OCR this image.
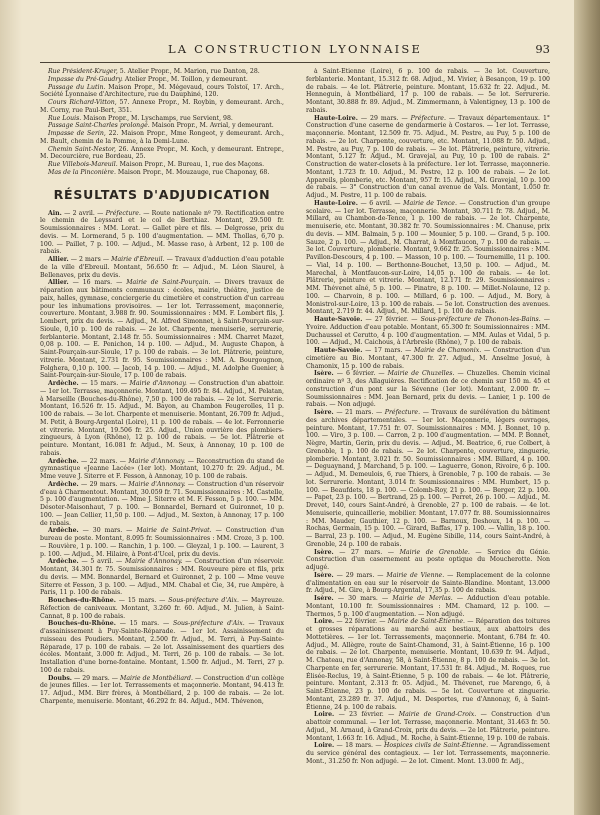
LA CONSTRUCTION LYONNAISE	93

Rue Président-Kruger, 5. Atelier Propr., M. Marion, rue Danton, 28.

Impasse du Pré-Gaudry. Atelier Propr., M. Toillon, y demeurant.

Passage du Lutin. Maison Propr., M. Mégevaud, cours Tolstoï, 17. Arch., Société Lyonnaise d'Architecture, rue du Dauphiné, 120.

Cours Richard-Vitton, 57. Annexe Propr., M. Roybin, y demeurant. Arch., M. Corny, rue Paul-Bert, 351.

Rue Louis. Maison Propr., M. Lyschamps, rue Servient, 98.

Passage Saint-Charles prolongé. Maison Propr., M. Avrial, y demeurant.

Impasse de Serin, 22. Maison Propr., Mme Rongeot, y demeurant. Arch., M. Bault, chemin de la Pomme, à la Demi-Lune.

Chemin Saint-Nestor, 26. Annexe Propr., M. Koch, y demeurant. Entrepr., M. Decourcière, rue Bordeau, 25.

Rue Villebois-Mareuil. Maison Propr., M. Bureau, 1, rue des Maçons.

Mas de la Pinconière. Maison Propr., M. Mouzauge, rue Chaponay, 68.

RÉSULTATS D'ADJUDICATION

Ain. — 2 avril. — Préfecture. — Route nationale nº 79. Rectification entre le chemin de Leyssard et le col de Berthiaz. Montant, 29.500 fr. Soumissionnaires : MM. Lorat. — Gallet père et fils. — Delgrosse, prix du devis. — M. Lormerand, 5 p. 100 d'augmentation. — MM. Thollas, 6,70 p. 100. — Paillet, 7 p. 100. — Adjud., M. Masse raso, à Arbent, 12 p. 100 de rabais.

Allier. — 2 mars — Mairie d'Ebreuil. — Travaux d'adduction d'eau potable de la ville d'Ebreuil. Montant, 56.650 fr. — Adjud., M. Léon Siaurel, à Bellenaves, prix du devis.

Allier. — 16 mars. — Mairie de Saint-Pourçain. — Divers travaux de réparation aux bâtiments communaux : écoles, mairie, théâtre, justice de paix, halles, gymnase, conciergerie du cimetière et construction d'un carreau pour les inhumations provisoires. — 1er lot. Terrassement, maçonnerie, couverture. Montant, 3.988 fr. 90. Soumissionnaires : MM. F. Lombert fils, J. Lombert, prix du devis. — Adjud., M. Alfred Simonnet, à Saint-Pourçain-sur-Sioule, 0,10 p. 100 de rabais. — 2e lot. Charpente, menuiserie, serrurerie, ferblanterie. Montant, 2.148 fr. 55. Soumissionnaires : MM. Charret Mazet, 0,08 p. 100. — E. Penichon, 14 p. 100. — Adjud., M. Auguste Chapon, à Saint-Pourçain-sur-Sioule, 17 p. 100 de rabais. — 3e lot. Plâtrerie, peinture, vitrerie. Montant, 2.731 fr. 95. Soumissionnaires : MM. A. Bourgougnon, Folghera, 0,10 p. 100. — Jacob, 14 p. 100. — Adjud., M. Adolphe Guenier, à Saint-Pourçain-sur-Sioule, 17 p. 100 de rabais.

Ardèche. — 15 mars. — Mairie d'Annonay. — Construction d'un abattoir. — 1er lot. Terrasse, maçonnerie. Montant, 109.495 fr. 84. Adjud., M. Pelatan, à Marseille (Bouches-du-Rhône), 7,50 p. 100 de rabais. — 2e lot. Serrurerie. Montant, 16.526 fr. 15. Adjud., M. Bayon, au Chambon Feugerolles, 11 p. 100 de rabais. — 3e lot. Charpente et menuiserie. Montant, 26.709 fr. Adjud., M. Petit, à Bourg-Argental (Loire), 11 p. 100 de rabais. — 4e lot. Ferronnerie et vitrerie. Montant, 19.506 fr. 25. Adjud., Union ouvrière des plombiers-zingueurs, à Lyon (Rhône), 12 p. 100 de rabais. — 5e lot. Plâtrerie et peinture. Montant, 16.081 fr. Adjud., M. Seux, à Annonay, 10 p. 100 de rabais.

Ardèche. — 22 mars. — Mairie d'Annonay. — Reconstruction du stand de gymnastique «Jeanne Lacée» (1er lot). Montant, 10.270 fr. 29. Adjud., M. Mme veuve J. Siterre et F. Fesson, à Annonay, 10 p. 100 de rabais.

Ardèche. — 29 mars. — Mairie d'Annonay. — Construction d'un réservoir d'eau à Charmentout. Montant, 30.059 fr. 71. Soumissionnaires : M. Castelle, 5 p. 100 d'augmentation. — Mme J. Siterre et M. F. Fesson, 5 p. 100. — MM. Désoter-Maisonhaut, 7 p. 100. — Bonnardel, Bernard et Guironnet, 10 p. 100. — Jean Cellier, 11,50 p. 100. — Adjud., M. Sexton, à Annonay, 17 p. 100 de rabais.

Ardèche. — 30 mars. — Mairie de Saint-Privat. — Construction d'un bureau de poste. Montant, 8.095 fr. Soumissionnaires : MM. Croze, 3 p. 100. — Rouvière, 1 p. 100. — Ranchin, 1 p. 100. — Gleyzal, 1 p. 100. — Laurent, 3 p. 100. — Adjud., M. Hilaire, à Pont-d'Ucel, prix du devis.

Ardèche. — 5 avril. — Mairie d'Annonay. — Construction d'un réservoir. Montant, 34.301 fr. 75. Soumissionnaires : MM. Rouveure père et fils, prix du devis. — MM. Bonnardel, Bernard et Guironnet, 2 p. 100 — Mme veuve Siterre et Fesson, 3 p. 100. — Adjud., MM. Chabal et Cie, 34, rue Ampère, à Paris, 11 p. 100 de rabais.

Bouches-du-Rhône. — 15 mars. — Sous-préfecture d'Aix. — Mayreuze. Réfection de caniveaux. Montant, 3.260 fr. 60. Adjud., M. Julien, à Saint-Cannat, 8 p. 100 de rabais.

Bouches-du-Rhône. — 15 mars. — Sous-préfecture d'Aix. — Travaux d'assainissement à Puy-Sainte-Réparade. — 1er lot. Assainissement du ruisseau des Poudiers. Montant, 2.500 fr. Adjud., M. Terri, à Puy-Sainte-Réparade, 17 p. 100 de rabais. — 2e lot. Assainissement des quartiers des écoles. Montant, 3.000 fr. Adjud., M. Terri, 26 p. 100 de rabais. — 3e lot. Installation d'une borne-fontaine. Montant, 1.500 fr. Adjud., M. Terri, 27 p. 100 de rabais.

Doubs. — 29 mars. — Mairie de Montbéliard. — Construction d'un collège de jeunes filles. — 1er lot. Terrassements et maçonnerie. Montant, 94.413 fr. 17. Adjud., MM. Birr frères, à Montbéliard, 2 p. 100 de rabais. — 2e lot. Charpente, menuiserie. Montant, 46.292 fr. 84. Adjud., MM. Thévenon,

à Saint-Étienne (Loire), 6 p. 100 de rabais. — 3e lot. Couverture, ferblanterie. Montant, 15.312 fr. 68. Adjud., M. Vivier, à Besançon, 19 p. 100 de rabais. — 4e lot. Plâtrerie, peinture. Montant, 15.632 fr. 22. Adjud., M. Henneguin, à Montbéliard, 17 p. 100 de rabais. — 5e lot. Serrurerie. Montant, 30.888 fr. 89. Adjud., M. Zimmermann, à Valentigney, 13 p. 100 de rabais.

Haute-Loire. — 29 mars. — Préfecture. — Travaux départementaux. 1° Construction d'une caserne de gendarmerie à Costaros. — 1er lot. Terrasse, maçonnerie. Montant, 12.509 fr. 75. Adjud., M. Pestre, au Puy, 5 p. 100 de rabais. — 2e lot. Charpente, couverture, etc. Montant, 11.088 fr. 50. Adjud., M. Pestre, au Puy, 7 p. 100 de rabais. — 3e lot. Plâtrerie, peinture, vitrerie. Montant, 5.127 fr. Adjud., M. Gravejal, au Puy, 10 p. 100 de rabais. 2° Construction de water-closets à la préfecture. 1er lot. Terrasse, maçonnerie. Montant, 1.723 fr. 10. Adjud., M. Pestre, 12 p. 100 de rabais. — 2e lot. Appareils, plomberie, etc. Montant, 957 fr. 15. Adjud., M. Gravejal, 10 p. 100 de rabais. — 3° Construction d'un canal avenue de Vals. Montant, 1.050 fr. Adjud., M. Pestre, 11 p. 100 de rabais.

Haute-Loire. — 6 avril. — Mairie de Tence. — Construction d'un groupe scolaire. — 1er lot. Terrasse, maçonnerie. Montant, 30.711 fr. 78. Adjud., M. Millard, au Chambon-de-Tence, 1 p. 100 de rabais. — 2e lot. Charpente, menuiserie, etc. Montant, 30.382 fr. 70. Soumissionnaires : M. Chanuse, prix du devis. — MM. Balmain, 5 p. 100 — Mounier, 5 p. 100. — Grand, 5 p. 100. Sauze, 2 p. 100. — Adjud., M. Charrat, à Montfaucon, 7 p. 100 de rabais. — 3e lot. Couverture, plomberie. Montant, 9.662 fr. 25. Soumissionnaires : MM. Pavillon-Descours, 4 p. 100. — Masson, 10 p. 100. — Tournemille, 11 p. 100. — Vial, 14 p. 100. — Berthonne-Bouchet, 13,50 p. 100. — Adjud., M. Marechal, à Montfaucon-sur-Loire, 14,05 p. 100 de rabais. — 4e lot. Plâtrerie, peinture et vitrerie. Montant, 12.171 fr. 29. Soumissionnaires : MM. Thévenet aîné, 5 p. 100. — Pinatre, 8 p. 100. — Millet-Nolaune, 12 p. 100. — Charvoin, 8 p. 100. — Millard, 6 p. 100. — Adjud., M. Bory, à Monistrol-sur-Loire, 13 p. 100 de rabais. — 5e lot. Construction des avenues. Montant, 2.719 fr. 44. Adjud., M. Millard, 1 p. 100 de rabais.

Haute-Savoie. — 27 février. — Sous-préfecture de Thonon-les-Bains. — Yvoire. Adduction d'eau potable. Montant, 65.300 fr. Soumissionnaires : MM. Duchaussel et Cerutto, 4 p. 100 d'augmentation. — MM. Aulas et Vidal, 5 p. 100. — Adjud., M. Caichous, à l'Arbresle (Rhône), 7 p. 100 de rabais.

Haute-Savoie. — 17 mars. — Mairie de Chamonix. — Construction d'un cimetière au Bio. Montant, 47.300 fr. 27. Adjud., M. Anselme Josué, à Chamonix, 15 p. 100 de rabais.

Isère. — 6 février. — Mairie de Chuzelles. — Chuzelles. Chemin vicinal ordinaire nº 3, des Allaguières. Rectification de ce chemin sur 150 m. 45 et construction d'un pont sur la Sévenne (1er lot). Montant, 2.000 fr. — Soumissionnaires : MM. Jean Bernard, prix du devis. — Lanier, 1 p. 100 de rabais. — Non adjugé.

Isère. — 21 mars. — Préfecture. — Travaux de surélévation du bâtiment des archives départementales. — 1er lot. Maçonnerie, légers ouvrages, peinture. Montant, 17.751 fr. 07. Soumissionnaires : MM. J. Bonnet, 10 p. 100. — Viro, 3 p. 100. — Carron, 2 p. 100 d'augmentation. — MM. P. Bonnet, Nègre, Martin, Gerin, prix du devis. — Adjud., M. Beatrice, 6, rue Colbert, à Grenoble, 1 p. 100 de rabais. — 2e lot. Charpente, couverture, zinguerie, plomberie. Montant, 3.021 fr. 50. Soumissionnaires : MM. Billard, 4 p. 100. — Deguaynand, J. Marchand, 5 p. 100. — Laguerre, Gonon, Rivoire, 6 p. 100. — Adjud., M. Demeulois, 6, rue Thiers, à Grenoble, 7 p. 100 de rabais. — 3e lot. Serrurerie. Montant, 3.014 fr. Soumissionnaires : MM. Humbert, 15 p. 100. — Beaufdets, 18 p. 100. — Colomb-Roy, 21 p. 100. — Berger, 22 p. 100. — Papet, 23 p. 100. — Bertrand, 25 p. 100. — Perret, 26 p. 100. — Adjud., M. Drevet, 140, cours Saint-André, à Grenoble, 27 p. 100 de rabais. — 4e lot. Menuiserie, quincaillerie, mobilier. Montant, 17.077 fr. 88. Soumissionnaires : MM. Mauder, Gauthier, 12 p. 100. — Barnoux, Deshoux, 14 p. 100. — Rochas, Germain, 15 p. 100. — Girard, Baffas, 17 p. 100. — Vallin, 18 p. 100. — Barral, 23 p. 100. — Adjud., M. Eugène Sibille, 114, cours Saint-André, à Grenoble, 24 p. 100 de rabais.

Isère. — 27 mars. — Mairie de Grenoble. — Service du Génie. Construction d'un casernement au poste optique du Moucherotte. Non adjugé.

Isère. — 29 mars. — Mairie de Vienne. — Remplacement de la colonne d'alimentation en eau sur le réservoir de Sainte-Blandine. Montant, 13.000 fr. Adjud., M. Gire, à Bourg-Argental, 17,35 p. 100 de rabais.

Isère. — 30 mars. — Mairie de Merlas. — Adduction d'eau potable. Montant, 10.100 fr. Soumissionnaires : MM. Chamard, 12 p. 100. — Thermos, 5 p. 100 d'augmentation. — Non adjugé.

Loire. — 22 février. — Mairie de Saint-Étienne. — Réparation des toitures et grosses réparations au marché aux bestiaux, aux abattoirs des Mottetières. — 1er lot. Terrassements, maçonnerie. Montant, 6.784 fr. 40. Adjud., M. Allègre, route de Saint-Chamond, 31, à Saint-Étienne, 16 p. 100 de rabais. — 2e lot. Charpente, menuiserie. Montant, 10.639 fr. 94. Adjud., M. Chateau, rue d'Annonay, 58, à Saint-Étienne, 8 p. 100 de rabais. — 3e lot. Charpente en fer, serrurerie. Montant, 17.531 fr. 84. Adjud., M. Roques, rue Élisée-Reclus, 19, à Saint-Étienne, 5 p. 100 de rabais. — 4e lot. Plâtrerie, peinture. Montant, 2.313 fr. 05. Adjud., M. Thévenet, rue Marengo, 6, à Saint-Étienne, 23 p. 100 de rabais. — 5e lot. Couverture et zinguerie. Montant, 23.289 fr. 37. Adjud., M. Desportes, rue d'Annonay, 6, à Saint-Étienne, 24 p. 100 de rabais.

Loire. — 23 février. — Mairie de Grand-Croix. — Construction d'un abattoir communal. — 1er lot. Terrasse, maçonnerie. Montant, 31.463 fr. 50. Adjud., M. Arnaud, à Grand-Croix, prix du devis. — 2e lot. Plâtrerie, peinture. Montant, 1.663 fr. 16. Adjud., M. Roche, à Saint-Étienne, 19 p. 100 de rabais.

Loire. — 18 mars. — Hospices civils de Saint-Étienne. — Agrandissement du service général des contagieux. — 1er lot. Terrassements, maçonnerie. Mont., 31.250 fr. Non adjugé. — 2e lot. Ciment. Mont. 13.000 fr. Adj.,
